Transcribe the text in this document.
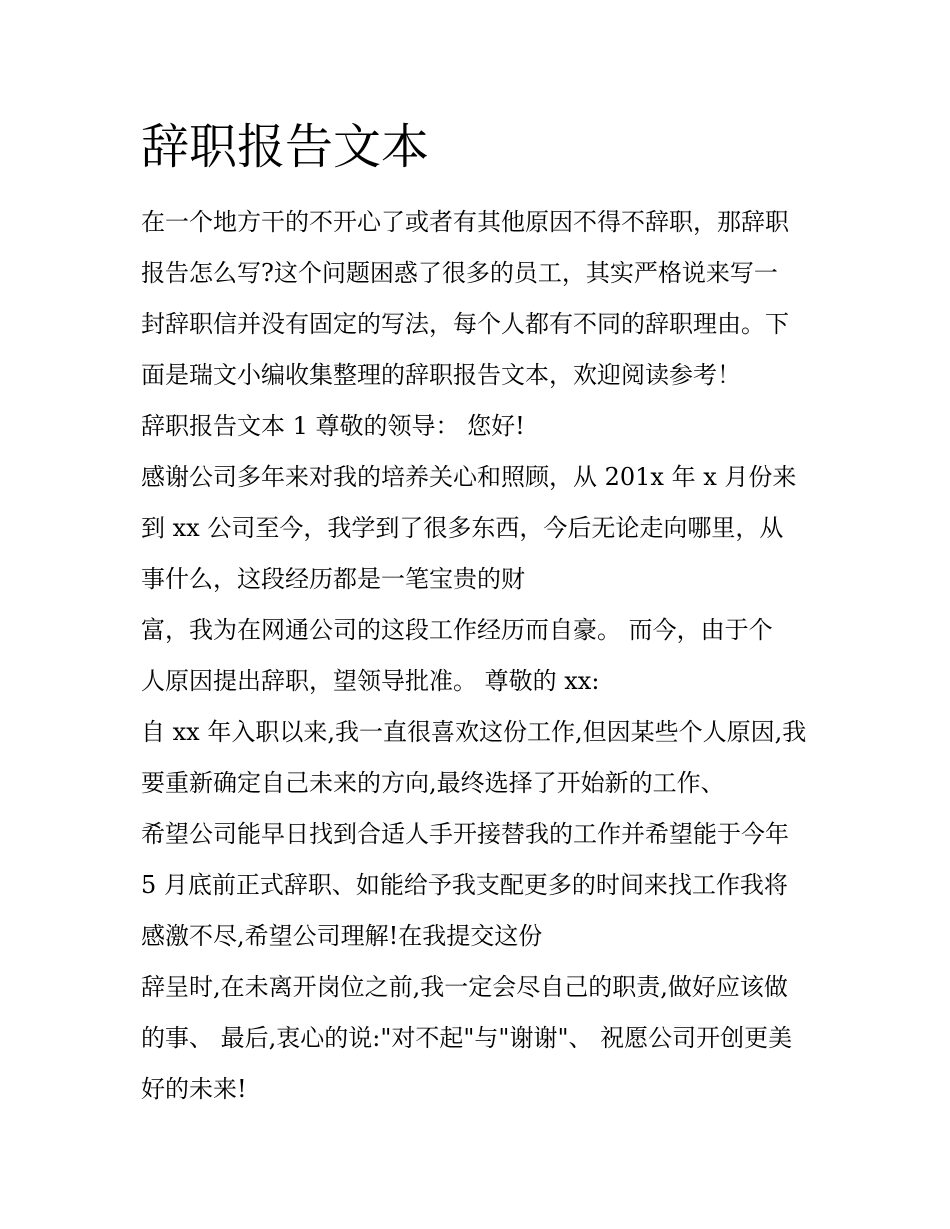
辞职报告文本

在一个地方干的不开心了或者有其他原因不得不辞职，那辞职

报告怎么写?这个问题困惑了很多的员工，其实严格说来写一

封辞职信并没有固定的写法，每个人都有不同的辞职理由。下

面是瑞文小编收集整理的辞职报告文本，欢迎阅读参考！

辞职报告文本 1 尊敬的领导： 您好!

感谢公司多年来对我的培养关心和照顾，从 201x 年 x 月份来

到 xx 公司至今，我学到了很多东西，今后无论走向哪里，从

事什么，这段经历都是一笔宝贵的财

富，我为在网通公司的这段工作经历而自豪。 而今，由于个

人原因提出辞职，望领导批准。 尊敬的 xx:

自 xx 年入职以来,我一直很喜欢这份工作,但因某些个人原因,我

要重新确定自己未来的方向,最终选择了开始新的工作、

希望公司能早日找到合适人手开接替我的工作并希望能于今年

5 月底前正式辞职、如能给予我支配更多的时间来找工作我将

感激不尽,希望公司理解!在我提交这份

辞呈时,在未离开岗位之前,我一定会尽自己的职责,做好应该做

的事、 最后,衷心的说:"对不起"与"谢谢"、 祝愿公司开创更美

好的未来!
